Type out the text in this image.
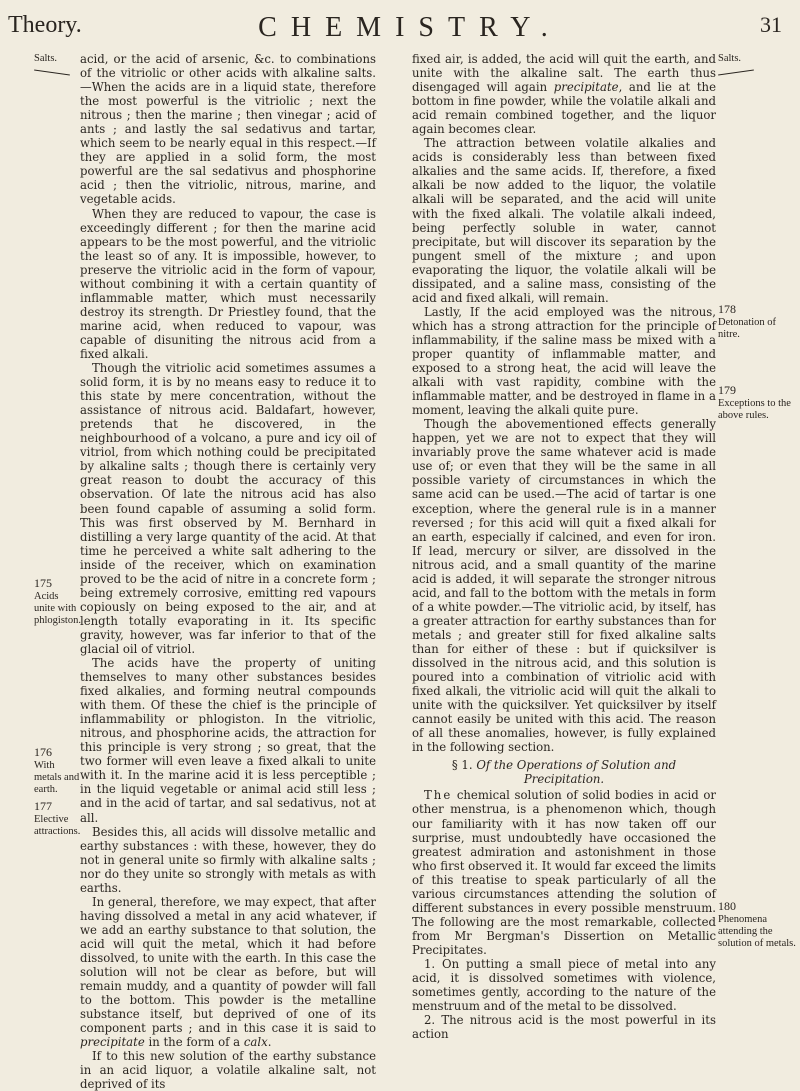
Theory.	CHEMISTRY.	31
Salts.

175
Acids unite with phlogiston.
176
With metals and earth.
177
Elective attractions.
Salts.

178
Detonation of nitre.
179
Exceptions to the above rules.
180
Phenomena attending the solution of metals.

acid, or the acid of arsenic, &c. to combinations of the vitriolic or other acids with alkaline salts.—When the acids are in a liquid state, therefore the most powerful is the vitriolic ; next the nitrous ; then the marine ; then vinegar ; acid of ants ; and lastly the sal sedativus and tartar, which seem to be nearly equal in this respect.—If they are applied in a solid form, the most powerful are the sal sedativus and phosphorine acid ; then the vitriolic, nitrous, marine, and vegetable acids.

When they are reduced to vapour, the case is exceedingly different ; for then the marine acid appears to be the most powerful, and the vitriolic the least so of any. It is impossible, however, to preserve the vitriolic acid in the form of vapour, without combining it with a certain quantity of inflammable matter, which must necessarily destroy its strength. Dr Priestley found, that the marine acid, when reduced to vapour, was capable of disuniting the nitrous acid from a fixed alkali.

Though the vitriolic acid sometimes assumes a solid form, it is by no means easy to reduce it to this state by mere concentration, without the assistance of nitrous acid. Baldafart, however, pretends that he discovered, in the neighbourhood of a volcano, a pure and icy oil of vitriol, from which nothing could be precipitated by alkaline salts ; though there is certainly very great reason to doubt the accuracy of this observation. Of late the nitrous acid has also been found capable of assuming a solid form. This was first observed by M. Bernhard in distilling a very large quantity of the acid. At that time he perceived a white salt adhering to the inside of the receiver, which on examination proved to be the acid of nitre in a concrete form ; being extremely corrosive, emitting red vapours copiously on being exposed to the air, and at length totally evaporating in it. Its specific gravity, however, was far inferior to that of the glacial oil of vitriol.

The acids have the property of uniting themselves to many other substances besides fixed alkalies, and forming neutral compounds with them. Of these the chief is the principle of inflammability or phlogiston. In the vitriolic, nitrous, and phosphorine acids, the attraction for this principle is very strong ; so great, that the two former will even leave a fixed alkali to unite with it. In the marine acid it is less perceptible ; in the liquid vegetable or animal acid still less ; and in the acid of tartar, and sal sedativus, not at all.

Besides this, all acids will dissolve metallic and earthy substances : with these, however, they do not in general unite so firmly with alkaline salts ; nor do they unite so strongly with metals as with earths.

In general, therefore, we may expect, that after having dissolved a metal in any acid whatever, if we add an earthy substance to that solution, the acid will quit the metal, which it had before dissolved, to unite with the earth. In this case the solution will not be clear as before, but will remain muddy, and a quantity of powder will fall to the bottom. This powder is the metalline substance itself, but deprived of one of its component parts ; and in this case it is said to precipitate in the form of a calx.

If to this new solution of the earthy substance in an acid liquor, a volatile alkaline salt, not deprived of its

fixed air, is added, the acid will quit the earth, and unite with the alkaline salt. The earth thus disengaged will again precipitate, and lie at the bottom in fine powder, while the volatile alkali and acid remain combined together, and the liquor again becomes clear.

The attraction between volatile alkalies and acids is considerably less than between fixed alkalies and the same acids. If, therefore, a fixed alkali be now added to the liquor, the volatile alkali will be separated, and the acid will unite with the fixed alkali. The volatile alkali indeed, being perfectly soluble in water, cannot precipitate, but will discover its separation by the pungent smell of the mixture ; and upon evaporating the liquor, the volatile alkali will be dissipated, and a saline mass, consisting of the acid and fixed alkali, will remain.

Lastly, If the acid employed was the nitrous, which has a strong attraction for the principle of inflammability, if the saline mass be mixed with a proper quantity of inflammable matter, and exposed to a strong heat, the acid will leave the alkali with vast rapidity, combine with the inflammable matter, and be destroyed in flame in a moment, leaving the alkali quite pure.

Though the abovementioned effects generally happen, yet we are not to expect that they will invariably prove the same whatever acid is made use of; or even that they will be the same in all possible variety of circumstances in which the same acid can be used.—The acid of tartar is one exception, where the general rule is in a manner reversed ; for this acid will quit a fixed alkali for an earth, especially if calcined, and even for iron. If lead, mercury or silver, are dissolved in the nitrous acid, and a small quantity of the marine acid is added, it will separate the stronger nitrous acid, and fall to the bottom with the metals in form of a white powder.—The vitriolic acid, by itself, has a greater attraction for earthy substances than for metals ; and greater still for fixed alkaline salts than for either of these : but if quicksilver is dissolved in the nitrous acid, and this solution is poured into a combination of vitriolic acid with fixed alkali, the vitriolic acid will quit the alkali to unite with the quicksilver. Yet quicksilver by itself cannot easily be united with this acid. The reason of all these anomalies, however, is fully explained in the following section.

§ 1. Of the Operations of Solution and Precipitation.

The chemical solution of solid bodies in acid or other menstrua, is a phenomenon which, though our familiarity with it has now taken off our surprise, must undoubtedly have occasioned the greatest admiration and astonishment in those who first observed it. It would far exceed the limits of this treatise to speak particularly of all the various circumstances attending the solution of different substances in every possible menstruum. The following are the most remarkable, collected from Mr Bergman's Dissertion on Metallic Precipitates.

1. On putting a small piece of metal into any acid, it is dissolved sometimes with violence, sometimes gently, according to the nature of the menstruum and of the metal to be dissolved.

2. The nitrous acid is the most powerful in its action
